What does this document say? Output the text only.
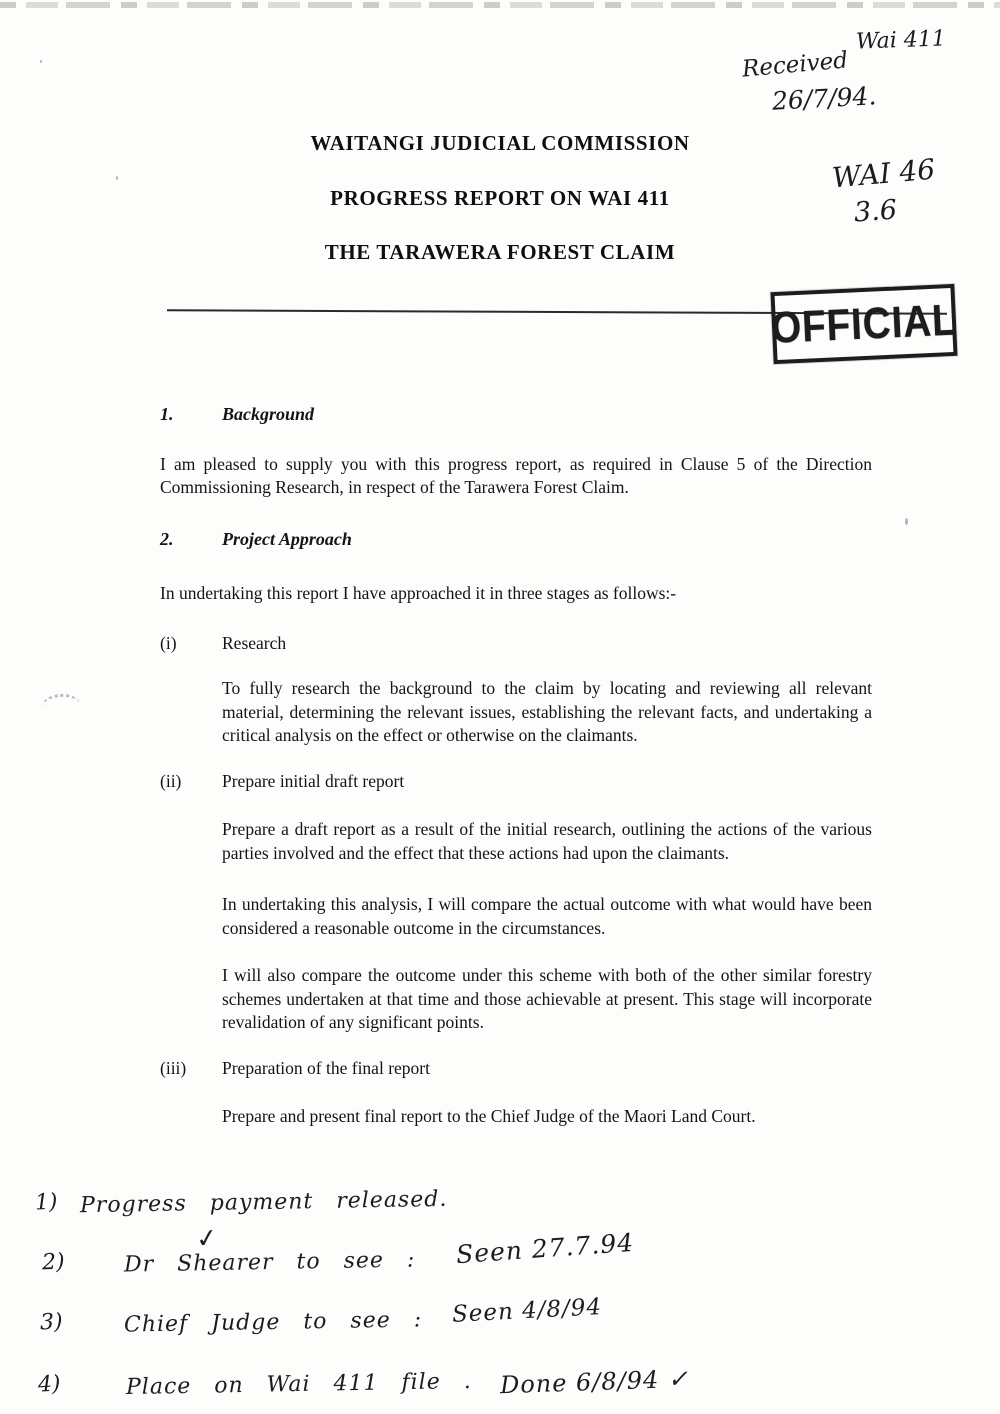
Wai 411
Received
26/7/94.
WAI 46
3.6
WAITANGI JUDICIAL COMMISSION
PROGRESS REPORT ON WAI 411
THE TARAWERA FOREST CLAIM
OFFICIAL
1.	Background

I am pleased to supply you with this progress report, as required in Clause 5 of the Direction Commissioning Research, in respect of the Tarawera Forest Claim.

2.	Project Approach

In undertaking this report I have approached it in three stages as follows:-

(i)	Research

To fully research the background to the claim by locating and reviewing all relevant material, determining the relevant issues, establishing the relevant facts, and undertaking a critical analysis on the effect or otherwise on the claimants.

(ii)	Prepare initial draft report

Prepare a draft report as a result of the initial research, outlining the actions of the various parties involved and the effect that these actions had upon the claimants.

In undertaking this analysis, I will compare the actual outcome with what would have been considered a reasonable outcome in the circumstances.

I will also compare the outcome under this scheme with both of the other similar forestry schemes undertaken at that time and those achievable at present. This stage will incorporate revalidation of any significant points.

(iii)	Preparation of the final report

Prepare and present final report to the Chief Judge of the Maori Land Court.

1) Progress payment released.
✓
2)	Dr Shearer to see : Seen 27.7.94
3)	Chief Judge to see : Seen 4/8/94
4)	Place on Wai 411 file . Done 6/8/94 ✓
